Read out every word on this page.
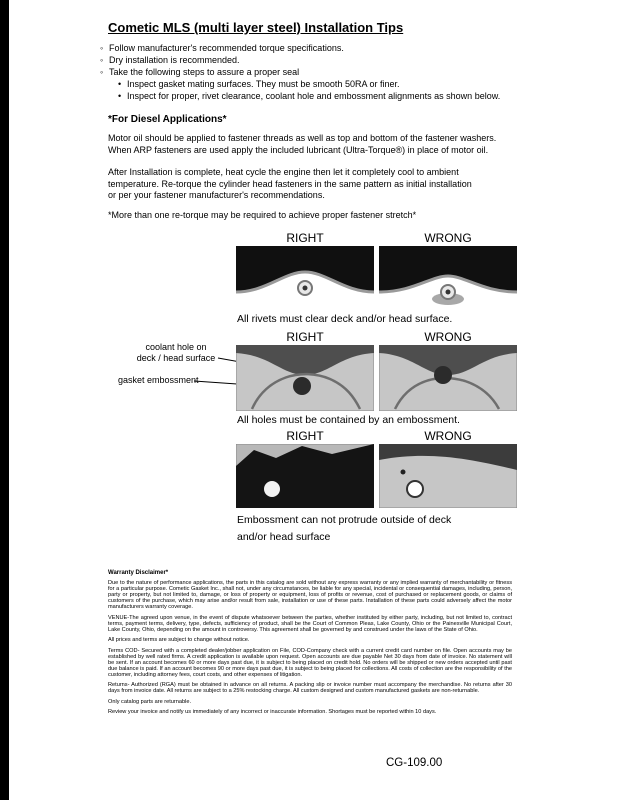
Cometic MLS (multi layer steel) Installation Tips
◦ Follow manufacturer's recommended torque specifications.
◦ Dry installation is recommended.
◦ Take the following steps to assure a proper seal
• Inspect gasket mating surfaces. They must be smooth 50RA or finer.
• Inspect for proper, rivet clearance, coolant hole and embossment alignments as shown below.
*For Diesel Applications*
Motor oil should be applied to fastener threads as well as top and bottom of the fastener washers.
When ARP fasteners are used apply the included lubricant (Ultra-Torque®) in place of motor oil.
After Installation is complete, heat cycle the engine then let it completely cool to ambient
temperature. Re-torque the cylinder head fasteners in the same pattern as initial installation
or per your fastener manufacturer's recommendations.
*More than one re-torque may be required to achieve proper fastener stretch*
RIGHT	WRONG
All rivets must clear deck and/or head surface.
RIGHT	WRONG
coolant hole on
deck / head surface
gasket embossment
All holes must be contained by an embossment.
RIGHT	WRONG
Embossment can not protrude outside of deck
and/or head surface
Warranty Disclaimer*

Due to the nature of performance applications, the parts in this catalog are sold without any express warranty or any implied warranty of merchantability or fitness for a particular purpose. Cometic Gasket Inc., shall not, under any circumstances, be liable for any special, incidental or consequential damages, including, person, party or property, but not limited to, damage, or loss of property or equipment, loss of profits or revenue, cost of purchased or replacement goods, or claims of customers of the purchase, which may arise and/or result from sale, installation or use of these parts. Installation of these parts could adversely affect the motor manufacturers warranty coverage.

VENUE-The agreed upon venue, in the event of dispute whatsoever between the parties, whether instituted by either party, including, but not limited to, contract terms, payment terms, delivery, type, defects, sufficiency of product, shall be the Court of Common Pleas, Lake County, Ohio or the Painesville Municipal Court, Lake County, Ohio, depending on the amount in controversy. This agreement shall be governed by and construed under the laws of the State of Ohio.

All prices and terms are subject to change without notice.

Terms COD- Secured with a completed dealer/jobber application on File, COD-Company check with a current credit card number on file. Open accounts may be established by well rated firms. A credit application is available upon request. Open accounts are due payable Net 30 days from date of invoice. No statement will be sent. If an account becomes 60 or more days past due, it is subject to being placed on credit hold. No orders will be shipped or new orders accepted until past due balance is paid. If an account becomes 90 or more days past due, it is subject to being placed for collections. All costs of collection are the responsibility of the customer, including attorney fees, court costs, and other expenses of litigation.

Returns- Authorized (RGA) must be obtained in advance on all returns. A packing slip or invoice number must accompany the merchandise. No returns after 30 days from invoice date. All returns are subject to a 25% restocking charge. All custom designed and custom manufactured gaskets are non-returnable.

Only catalog parts are returnable.

Review your invoice and notify us immediately of any incorrect or inaccurate information. Shortages must be reported within 10 days.

CG-109.00
